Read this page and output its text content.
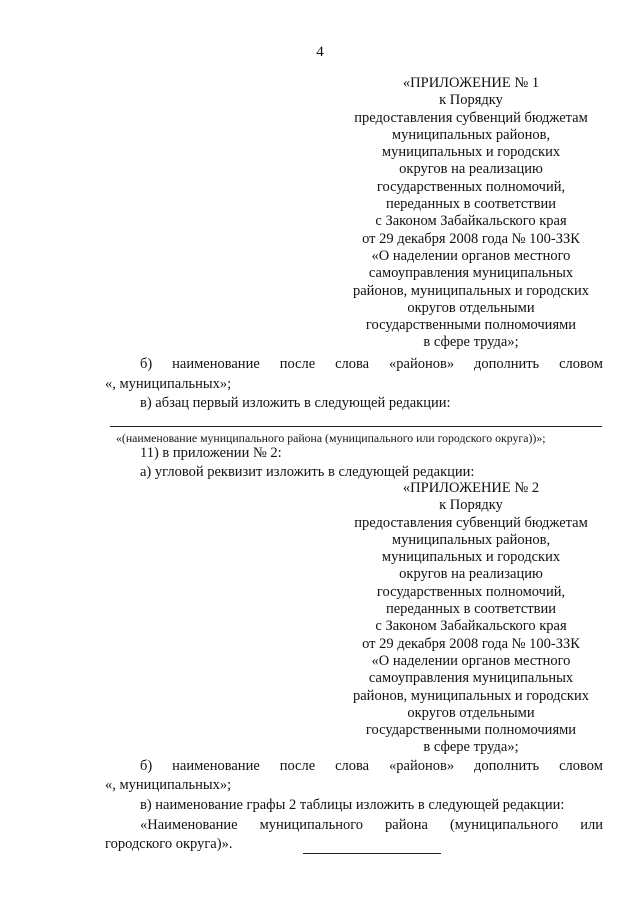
4
«ПРИЛОЖЕНИЕ № 1
к Порядку
предоставления субвенций бюджетам
муниципальных районов,
муниципальных и городских
округов на реализацию
государственных полномочий,
переданных в соответствии
с Законом Забайкальского края
от 29 декабря 2008 года № 100-ЗЗК
«О наделении органов местного
самоуправления муниципальных
районов, муниципальных и городских
округов отдельными
государственными полномочиями
в сфере труда»;
б) наименование после слова «районов» дополнить словом
«, муниципальных»;
в) абзац первый изложить в следующей редакции:
«(наименование муниципального района (муниципального или городского округа))»;
11) в приложении № 2:
а) угловой реквизит изложить в следующей редакции:
«ПРИЛОЖЕНИЕ № 2
к Порядку
предоставления субвенций бюджетам
муниципальных районов,
муниципальных и городских
округов на реализацию
государственных полномочий,
переданных в соответствии
с Законом Забайкальского края
от 29 декабря 2008 года № 100-ЗЗК
«О наделении органов местного
самоуправления муниципальных
районов, муниципальных и городских
округов отдельными
государственными полномочиями
в сфере труда»;
б) наименование после слова «районов» дополнить словом
«, муниципальных»;
в) наименование графы 2 таблицы изложить в следующей редакции:
«Наименование муниципального района (муниципального или
городского округа)».
